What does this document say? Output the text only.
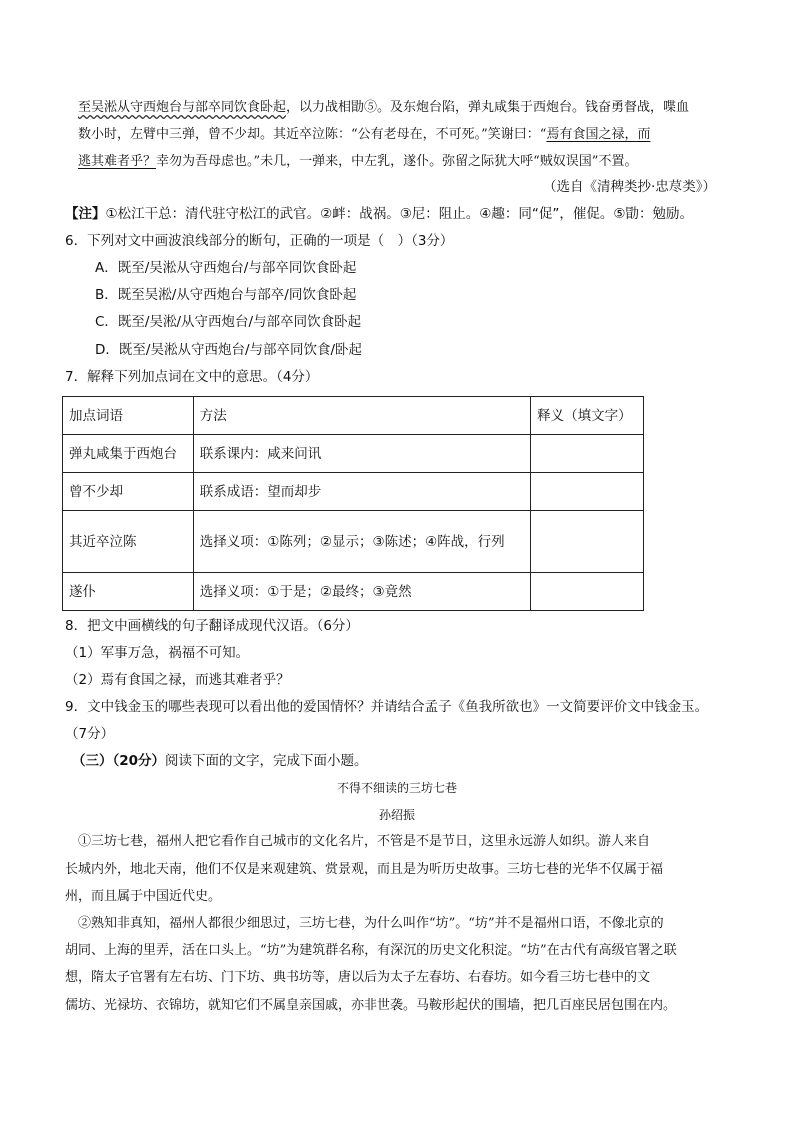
至吴淞从守西炮台与部卒同饮食卧起，以力战相勖⑤。及东炮台陷，弹丸咸集于西炮台。钱奋勇督战，喋血
数小时，左臂中三弹，曾不少却。其近卒泣陈：“公有老母在，不可死。”笑谢曰：“焉有食国之禄，而
逃其难者乎？幸勿为吾母虑也。”未几，一弹来，中左乳，遂仆。弥留之际犹大呼“贼奴误国”不置。
（选自《清稗类抄·忠荩类》）
【注】①松江干总：清代驻守松江的武官。②衅：战祸。③尼：阻止。④趣：同“促”，催促。⑤勖：勉励。
6．下列对文中画波浪线部分的断句，正确的一项是（　）（3分）
A．既至/吴淞从守西炮台/与部卒同饮食卧起
B．既至吴淞/从守西炮台与部卒/同饮食卧起
C．既至/吴淞/从守西炮台/与部卒同饮食卧起
D．既至/吴淞从守西炮台/与部卒同饮食/卧起
7．解释下列加点词在文中的意思。（4分）
加点词语	方法	释义（填文字）
弹丸咸集于西炮台	联系课内：咸来问讯	
曾不少却	联系成语：望而却步	
其近卒泣陈	选择义项：①陈列；②显示；③陈述；④阵战，行列	
遂仆	选择义项：①于是；②最终；③竟然	
8．把文中画横线的句子翻译成现代汉语。（6分）
（1）军事万急，祸福不可知。
（2）焉有食国之禄，而逃其难者乎？
9．文中钱金玉的哪些表现可以看出他的爱国情怀？并请结合孟子《鱼我所欲也》一文简要评价文中钱金玉。
（7分）
（三）（20分）阅读下面的文字，完成下面小题。
不得不细读的三坊七巷
孙绍振
①三坊七巷，福州人把它看作自己城市的文化名片，不管是不是节日，这里永远游人如织。游人来自
长城内外，地北天南，他们不仅是来观建筑、赏景观，而且是为听历史故事。三坊七巷的光华不仅属于福
州，而且属于中国近代史。
②熟知非真知，福州人都很少细思过，三坊七巷，为什么叫作“坊”。“坊”并不是福州口语，不像北京的
胡同、上海的里弄，活在口头上。“坊”为建筑群名称，有深沉的历史文化积淀。“坊”在古代有高级官署之联
想，隋太子官署有左右坊、门下坊、典书坊等，唐以后为太子左春坊、右春坊。如今看三坊七巷中的文
儒坊、光禄坊、衣锦坊，就知它们不属皇亲国戚，亦非世袭。马鞍形起伏的围墙，把几百座民居包围在内。
